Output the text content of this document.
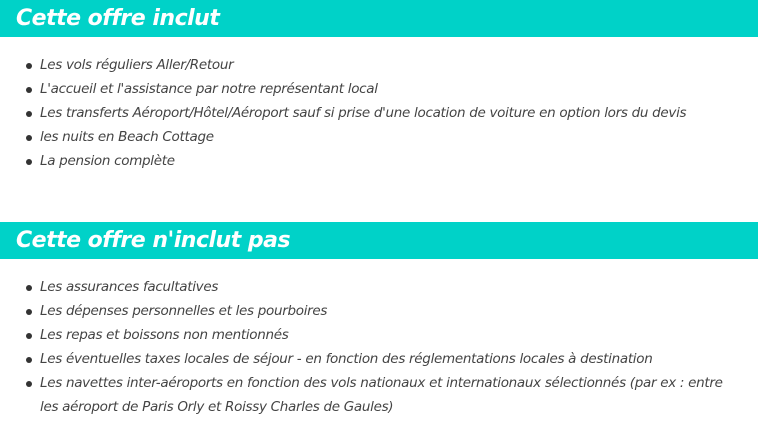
Cette offre inclut
Les vols réguliers Aller/Retour
L'accueil et l'assistance par notre représentant local
Les transferts Aéroport/Hôtel/Aéroport sauf si prise d'une location de voiture en option lors du devis
les nuits en Beach Cottage
La pension complète
Cette offre n'inclut pas
Les assurances facultatives
Les dépenses personnelles et les pourboires
Les repas et boissons non mentionnés
Les éventuelles taxes locales de séjour - en fonction des réglementations locales à destination
Les navettes inter-aéroports en fonction des vols nationaux et internationaux sélectionnés (par ex : entre les aéroport de Paris Orly et Roissy Charles de Gaules)
